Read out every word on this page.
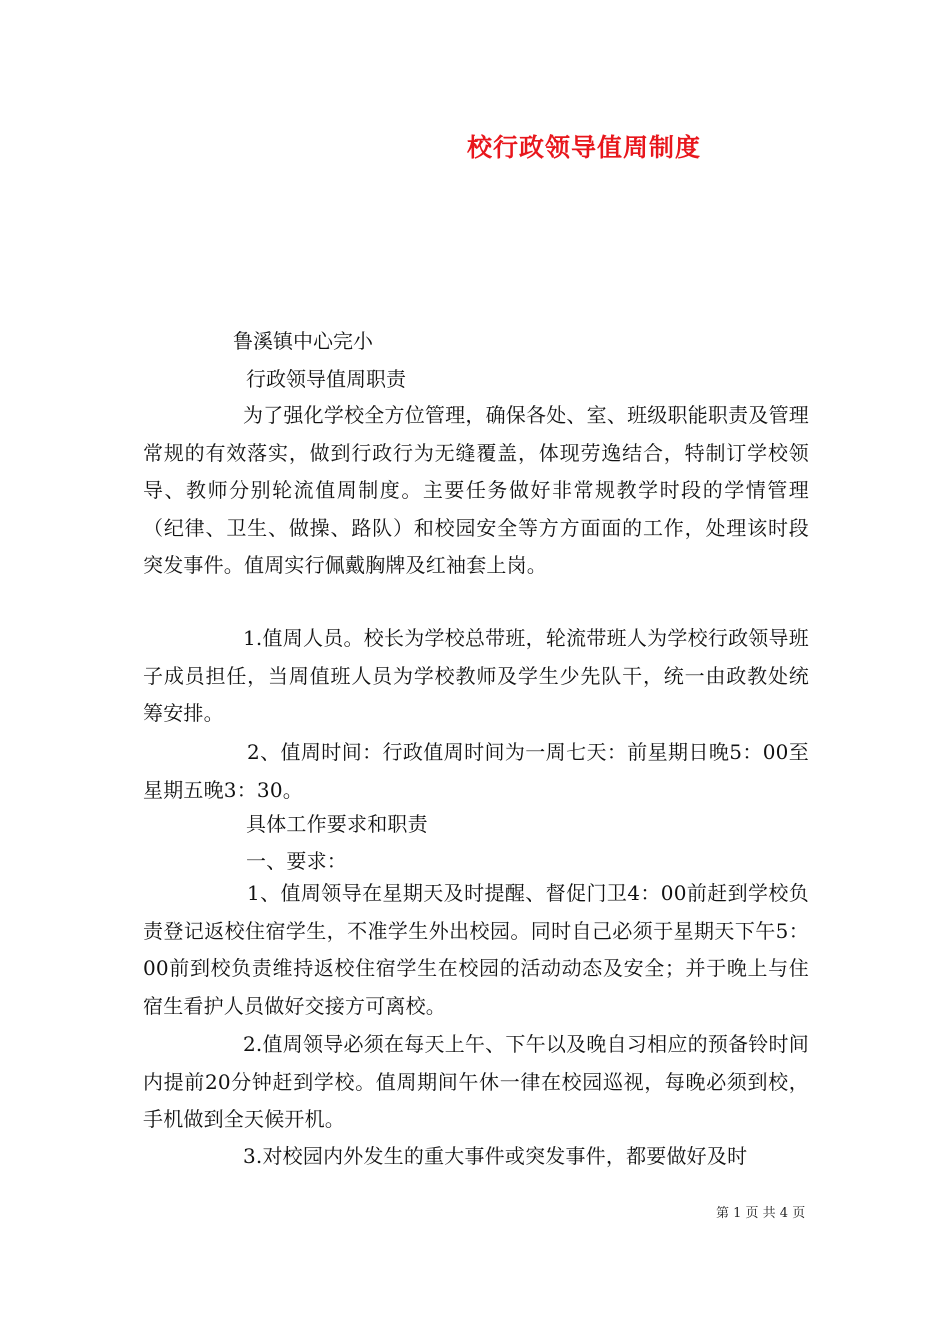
校行政领导值周制度
鲁溪镇中心完小
行政领导值周职责
为了强化学校全方位管理，确保各处、室、班级职能职责及管理常规的有效落实，做到行政行为无缝覆盖，体现劳逸结合，特制订学校领导、教师分别轮流值周制度。主要任务做好非常规教学时段的学情管理（纪律、卫生、做操、路队）和校园安全等方方面面的工作，处理该时段突发事件。值周实行佩戴胸牌及红袖套上岗。
1.值周人员。校长为学校总带班，轮流带班人为学校行政领导班子成员担任，当周值班人员为学校教师及学生少先队干，统一由政教处统筹安排。
2、值周时间：行政值周时间为一周七天：前星期日晚5：00至星期五晚3：30。
具体工作要求和职责
一、要求：
1、值周领导在星期天及时提醒、督促门卫4：00前赶到学校负责登记返校住宿学生，不准学生外出校园。同时自己必须于星期天下午5：00前到校负责维持返校住宿学生在校园的活动动态及安全；并于晚上与住宿生看护人员做好交接方可离校。
2.值周领导必须在每天上午、下午以及晚自习相应的预备铃时间内提前20分钟赶到学校。值周期间午休一律在校园巡视，每晚必须到校，手机做到全天候开机。
3.对校园内外发生的重大事件或突发事件，都要做好及时
第 1 页 共 4 页
